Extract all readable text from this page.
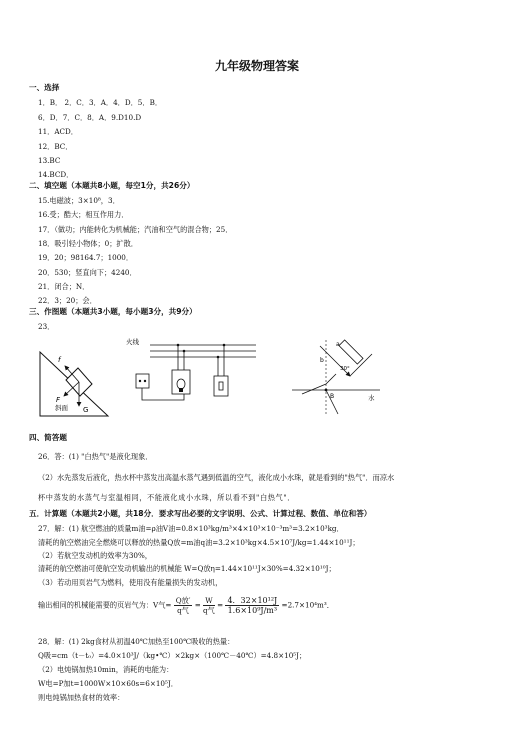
九年级物理答案
一、选择
1．B． 2．C．3．A．4．D．5．B．
6．D．7．C．8．A．9.D10.D
11．ACD．
12．BC．
13.BC
14.BCD．
二、填空题（本题共8小题，每空1分，共26分）
15.电磁波；3×10⁸，3．
16.受；酷大；相互作用力．
17．（做功；内能转化为机械能；汽油和空气的混合物；25．
18．吸引轻小物体；0；扩散．
19．20；98164.7；1000．
20．530；竖直向下；4240．
21．闭合；N．
22．3；20；会．
三、作图题（本题共3小题，每小题3分，共9分）
23．
f
F
斜面 G
火线	a
b
30°
B	水
四、简答题
26．答：(1) "白热气"是液化现象．
（2）水先蒸发后液化，热水杯中蒸发出高温水蒸气遇到低温的空气，液化成小水珠，就是看到的"热气"．而凉水
杯中蒸发的水蒸气与室温相同，不能液化成小水珠，所以看不到"白热气"．
五．计算题（本题共2小题，共18分．要求写出必要的文字说明、公式、计算过程、数值、单位和答）
27．解：(1) 航空燃油的质量m油=ρ油V油=0.8×10³kg/m³×4×10³×10⁻³m³=3.2×10³kg．
清耗的航空燃油完全燃烧可以释放的热量Q放=m油q油=3.2×10³kg×4.5×10⁷J/kg=1.44×10¹¹J；
（2）若航空发动机的效率为30%，
清耗的航空燃油可使航空发动机输出的机械能 W=Q放η=1.44×10¹¹J×30%=4.32×10¹⁰J；
（3）若动用页岩气为燃料，使用没有能量损失的发动机，
输出相同的机械能需要的页岩气为：V气= $\frac{\text{Q放′}}{\text{q气}} = \frac{W}{\text{q气}} = \frac{\text{4．32×10¹²J}}{\text{1.6×10⁹J/m³}} =2.7\times 10^4m^3$．
28．解：(1) 2kg食材从初温40℃加热至100℃吸收的热量：
Q吸=cm（t－t₀）=4.0×10³J/（kg•℃）×2kg×（100℃－40℃）=4.8×10⁵J；
（2）电炖锅加热10min，消耗的电能为：
W电=P加t=1000W×10×60s=6×10⁵J．
则电炖锅加热食材的效率：
